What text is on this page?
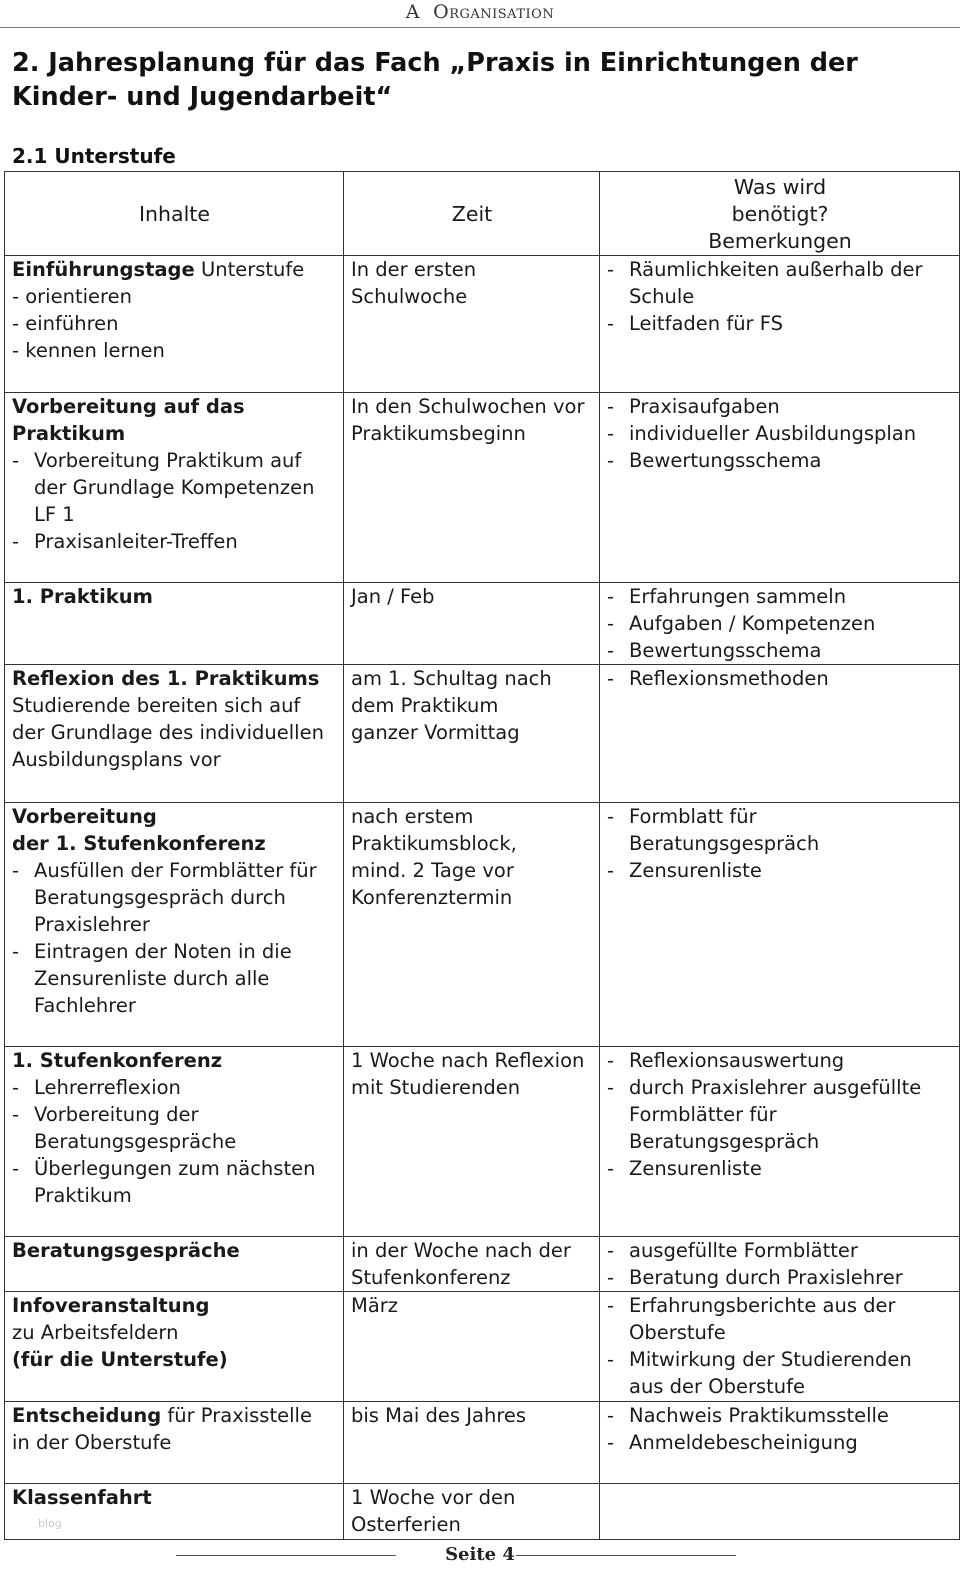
A Organisation
2. Jahresplanung für das Fach „Praxis in Einrichtungen der Kinder- und Jugendarbeit“
2.1 Unterstufe
Inhalte	Zeit	Was wird benötigt? Bemerkungen

Einführungstage Unterstufe
- orientieren
- einführen
- kennen lernen	In der ersten Schulwoche	- Räumlichkeiten außerhalb der Schule
- Leitfaden für FS

Vorbereitung auf das Praktikum
- Vorbereitung Praktikum auf der Grundlage Kompetenzen LF 1
- Praxisanleiter-Treffen	In den Schulwochen vor Praktikumsbeginn	- Praxisaufgaben
- individueller Ausbildungsplan
- Bewertungsschema

1. Praktikum	Jan / Feb	- Erfahrungen sammeln
- Aufgaben / Kompetenzen
- Bewertungsschema

Reflexion des 1. Praktikums
Studierende bereiten sich auf der Grundlage des individuellen Ausbildungsplans vor	am 1. Schultag nach
dem Praktikum
ganzer Vormittag	- Reflexionsmethoden

Vorbereitung
der 1. Stufenkonferenz
- Ausfüllen der Formblätter für Beratungsgespräch durch Praxislehrer
- Eintragen der Noten in die Zensurenliste durch alle Fachlehrer	nach erstem Praktikumsblock,
mind. 2 Tage vor Konferenztermin	- Formblatt für Beratungsgespräch
- Zensurenliste

1. Stufenkonferenz
- Lehrerreflexion
- Vorbereitung der Beratungsgespräche
- Überlegungen zum nächsten Praktikum	1 Woche nach Reflexion mit Studierenden	- Reflexionsauswertung
- durch Praxislehrer ausgefüllte Formblätter für Beratungsgespräch
- Zensurenliste

Beratungsgespräche	in der Woche nach der Stufenkonferenz	- ausgefüllte Formblätter
- Beratung durch Praxislehrer

Infoveranstaltung
zu Arbeitsfeldern
(für die Unterstufe)	März	- Erfahrungsberichte aus der Oberstufe
- Mitwirkung der Studierenden aus der Oberstufe

Entscheidung für Praxisstelle in der Oberstufe	bis Mai des Jahres	- Nachweis Praktikumsstelle
- Anmeldebescheinigung

Klassenfahrt	1 Woche vor den Osterferien	

blog
Seite 4
